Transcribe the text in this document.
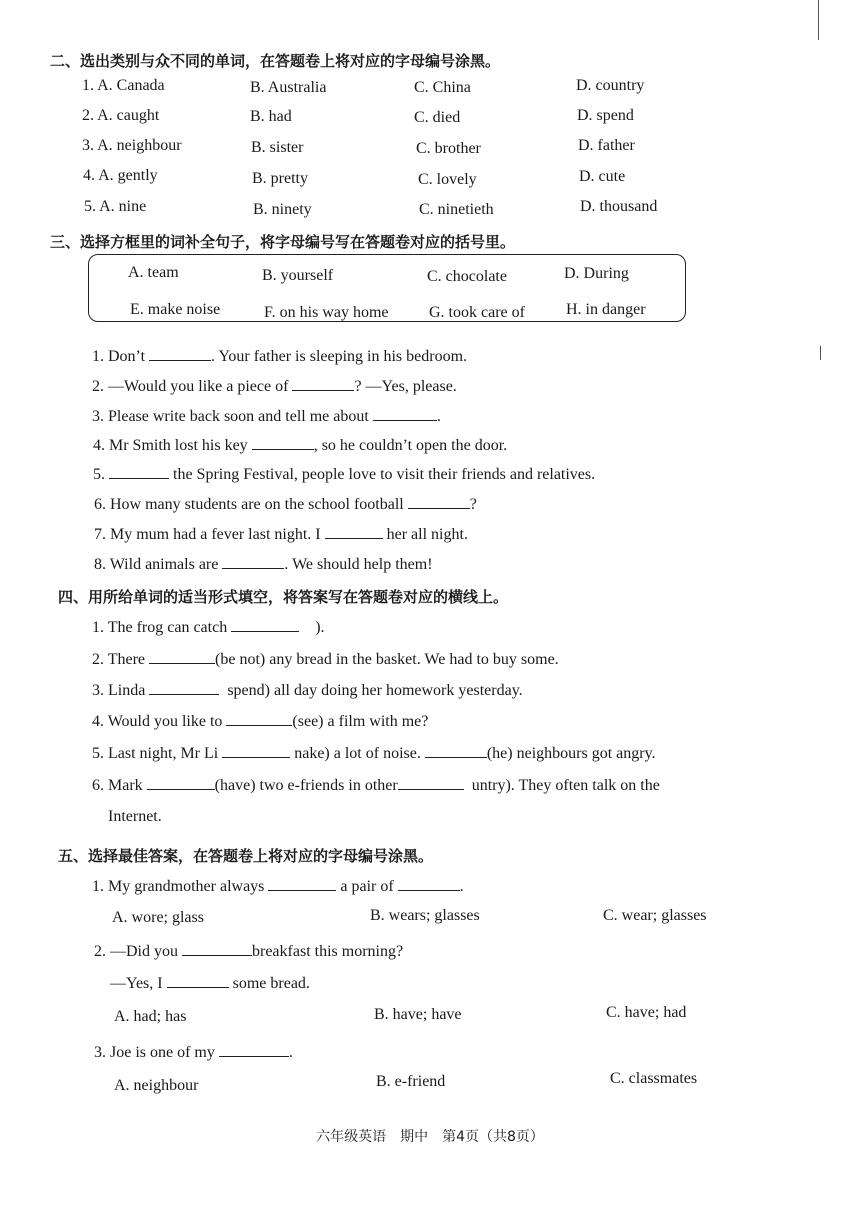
二、选出类别与众不同的单词，在答题卷上将对应的字母编号涂黑。
1. A. Canada	B. Australia	C. China	D. country
2. A. caught	B. had	C. died	D. spend
3. A. neighbour	B. sister	C. brother	D. father
4. A. gently	B. pretty	C. lovely	D. cute
5. A. nine	B. ninety	C. ninetieth	D. thousand
三、选择方框里的词补全句子，将字母编号写在答题卷对应的括号里。
A. team	B. yourself	C. chocolate	D. During
E. make noise	F. on his way home	G. took care of	H. in danger
1. Don’t	. Your father is sleeping in his bedroom.
2. —Would you like a piece of	? —Yes, please.
3. Please write back soon and tell me about	.
4. Mr Smith lost his key	, so he couldn’t open the door.
5.	the Spring Festival, people love to visit their friends and relatives.
6. How many students are on the school football	?
7. My mum had a fever last night. I	her all night.
8. Wild animals are	. We should help them!
四、用所给单词的适当形式填空，将答案写在答题卷对应的横线上。
1. The frog can catch	).
2. There	(be not) any bread in the basket. We had to buy some.
3. Linda	spend) all day doing her homework yesterday.
4. Would you like to	(see) a film with me?
5. Last night, Mr Li	nake) a lot of noise.	(he) neighbours got angry.
6. Mark	(have) two e-friends in other	untry). They often talk on the
Internet.
五、选择最佳答案，在答题卷上将对应的字母编号涂黑。
1. My grandmother always	a pair of	.
A. wore; glass	B. wears; glasses	C. wear; glasses
2. —Did you	breakfast this morning?
—Yes, I	some bread.
A. had; has	B. have; have	C. have; had
3. Joe is one of my	.
A. neighbour	B. e-friend	C. classmates
六年级英语　期中　第4页（共8页）
